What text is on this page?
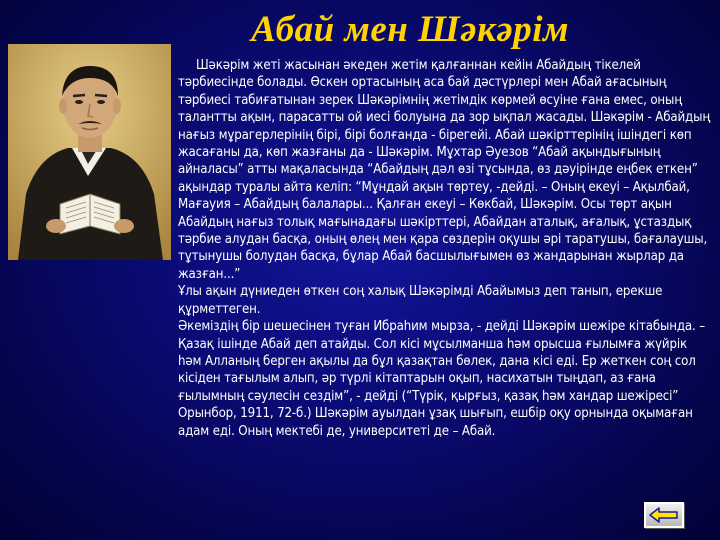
Абай мен Шәкәрім

Шәкәрім жеті жасынан әкеден жетім қалғаннан кейін Абайдың тікелей тәрбиесінде болады. Өскен ортасының аса бай дәстүрлері мен Абай ағасының тәрбиесі табиғатынан зерек Шәкәрімнің жетімдік көрмей өсуіне ғана емес, оның талантты ақын, парасатты ой иесі болуына да зор ықпал жасады. Шәкәрім - Абайдың нағыз мұрагерлерінің бірі, бірі болғанда - бірегейі. Абай шәкірттерінің ішіндегі көп жасағаны да, көп жазғаны да - Шәкәрім. Мұхтар Әуезов “Абай ақындығының айналасы” атты мақаласында “Абайдың дәл өзі тұсында, өз дәуірінде еңбек еткен” ақындар туралы айта келіп: “Мұндай ақын төртеу, -дейді. – Оның екеуі – Ақылбай, Мағауия – Абайдың балалары... Қалған екеуі – Көкбай, Шәкәрім. Осы төрт ақын Абайдың нағыз толық мағынадағы шәкірттері, Абайдан аталық, ағалық, ұстаздық тәрбие алудан басқа, оның өлең мен қара сөздерін оқушы әрі таратушы, бағалаушы, тұтынушы болудан басқа, бұлар Абай басшылығымен өз жандарынан жырлар да жазған...”

Ұлы ақын дүниеден өткен соң халық Шәкәрімді Абайымыз деп танып, ерекше құрметтеген.

Әкеміздің бір шешесінен туған Ибраһим мырза, - дейді Шәкәрім шежіре кітабында. – Қазақ ішінде Абай деп атайды. Сол кісі мұсылманша һәм орысша ғылымға жүйрік һәм Алланың берген ақылы да бұл қазақтан бөлек, дана кісі еді. Ер жеткен соң сол кісіден тағылым алып, әр түрлі кітаптарын оқып, насихатын тыңдап, аз ғана ғылымның сәулесін сездім”, - дейді (“Түрік, қырғыз, қазақ һәм хандар шежіресі” Орынбор, 1911, 72-б.) Шәкәрім ауылдан ұзақ шығып, ешбір оқу орнында оқымаған адам еді. Оның мектебі де, университеті де – Абай.
